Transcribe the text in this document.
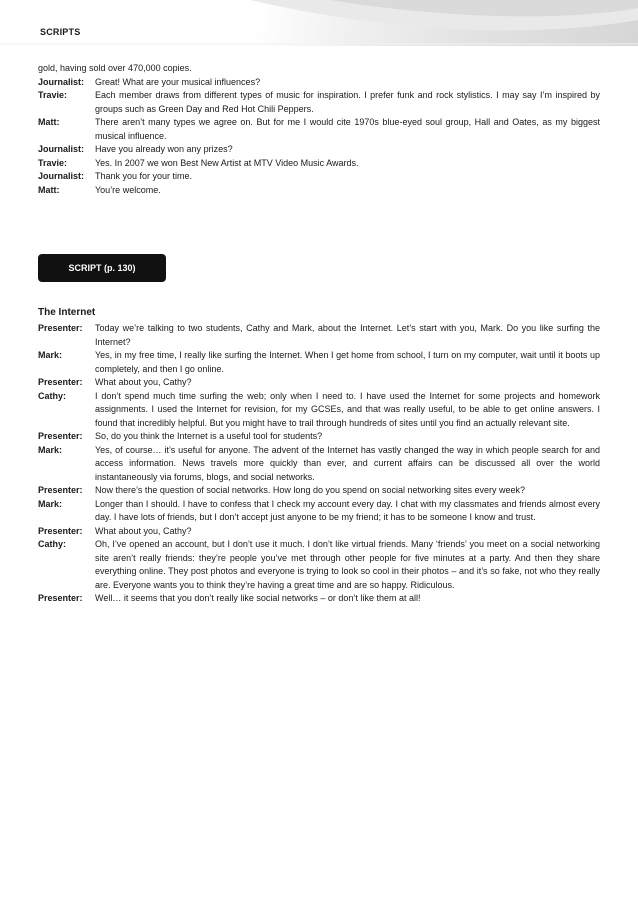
SCRIPTS
gold, having sold over 470,000 copies.
Journalist:	Great! What are your musical influences?
Travie:	Each member draws from different types of music for inspiration. I prefer funk and rock stylistics. I may say I’m inspired by groups such as Green Day and Red Hot Chili Peppers.
Matt:	There aren’t many types we agree on. But for me I would cite 1970s blue-eyed soul group, Hall and Oates, as my biggest musical influence.
Journalist:	Have you already won any prizes?
Travie:	Yes. In 2007 we won Best New Artist at MTV Video Music Awards.
Journalist:	Thank you for your time.
Matt:	You’re welcome.
SCRIPT (p. 130)
The Internet
Presenter:	Today we’re talking to two students, Cathy and Mark, about the Internet. Let’s start with you, Mark. Do you like surfing the Internet?
Mark:	Yes, in my free time, I really like surfing the Internet. When I get home from school, I turn on my computer, wait until it boots up completely, and then I go online.
Presenter:	What about you, Cathy?
Cathy:	I don’t spend much time surfing the web; only when I need to. I have used the Internet for some projects and homework assignments. I used the Internet for revision, for my GCSEs, and that was really useful, to be able to get online answers. I found that incredibly helpful. But you might have to trail through hundreds of sites until you find an actually relevant site.
Presenter:	So, do you think the Internet is a useful tool for students?
Mark:	Yes, of course… it’s useful for anyone. The advent of the Internet has vastly changed the way in which people search for and access information. News travels more quickly than ever, and current affairs can be discussed all over the world instantaneously via forums, blogs, and social networks.
Presenter:	Now there’s the question of social networks. How long do you spend on social networking sites every week?
Mark:	Longer than I should. I have to confess that I check my account every day. I chat with my classmates and friends almost every day. I have lots of friends, but I don’t accept just anyone to be my friend; it has to be someone I know and trust.
Presenter:	What about you, Cathy?
Cathy:	Oh, I’ve opened an account, but I don’t use it much. I don’t like virtual friends. Many ‘friends’ you meet on a social networking site aren’t really friends: they’re people you’ve met through other people for five minutes at a party. And then they share everything online. They post photos and everyone is trying to look so cool in their photos – and it’s so fake, not who they really are. Everyone wants you to think they’re having a great time and are so happy. Ridiculous.
Presenter:	Well… it seems that you don’t really like social networks – or don’t like them at all!
